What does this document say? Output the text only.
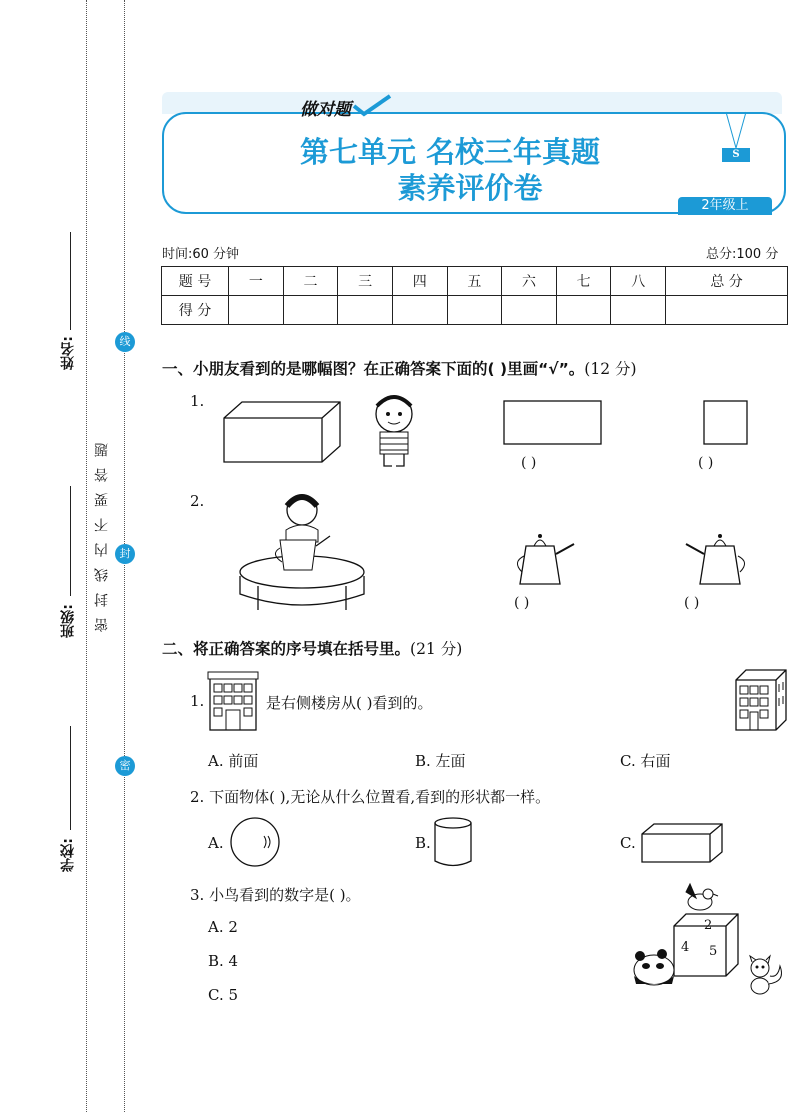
姓名:
班级:
学校:
密封线内不要答题
线
封
密
做对题
第七单元 名校三年真题
素养评价卷
S
2年级上
时间:60 分钟	总分:100 分
题 号	一	二	三	四	五	六	七	八	总 分
得 分									
一、小朋友看到的是哪幅图？在正确答案下面的( )里画“√”。(12 分)
1.
( )	( )
2.
( )	( )
二、将正确答案的序号填在括号里。(21 分)
1.	是右侧楼房从( )看到的。
A. 前面	B. 左面	C. 右面
2. 下面物体( ),无论从什么位置看,看到的形状都一样。
A.	B.	C.
3. 小鸟看到的数字是( )。
A. 2
B. 4
C. 5
2
4 5
